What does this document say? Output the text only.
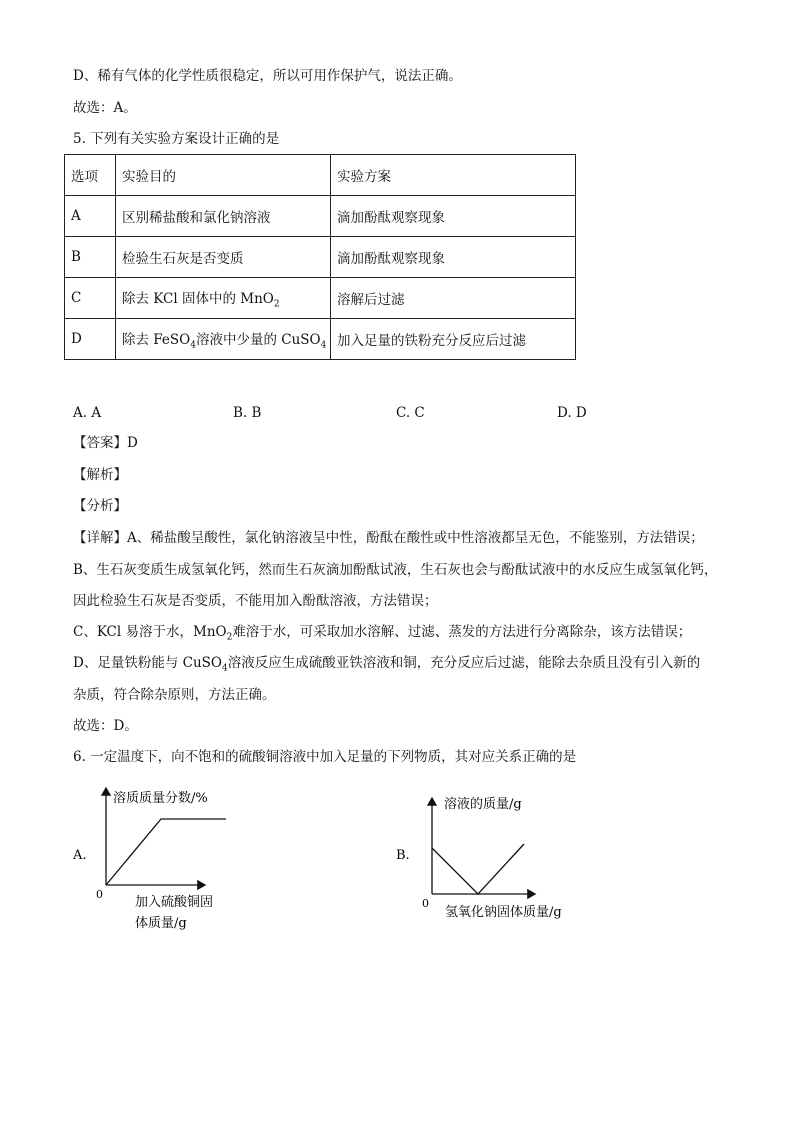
D、稀有气体的化学性质很稳定，所以可用作保护气，说法正确。
故选：A。
5. 下列有关实验方案设计正确的是
选项	实验目的	实验方案
A	区别稀盐酸和氯化钠溶液	滴加酚酞观察现象
B	检验生石灰是否变质	滴加酚酞观察现象
C	除去 KCl 固体中的 MnO$_2$	溶解后过滤
D	除去 FeSO$_4$溶液中少量的 CuSO$_4$	加入足量的铁粉充分反应后过滤
A. A	B. B	C. C	D. D
【答案】D
【解析】
【分析】
【详解】A、稀盐酸呈酸性，氯化钠溶液呈中性，酚酞在酸性或中性溶液都呈无色，不能鉴别，方法错误；
B、生石灰变质生成氢氧化钙，然而生石灰滴加酚酞试液，生石灰也会与酚酞试液中的水反应生成氢氧化钙，
因此检验生石灰是否变质，不能用加入酚酞溶液，方法错误；
C、KCl 易溶于水，MnO$_2$难溶于水，可采取加水溶解、过滤、蒸发的方法进行分离除杂，该方法错误；
D、足量铁粉能与 CuSO$_4$溶液反应生成硫酸亚铁溶液和铜，充分反应后过滤，能除去杂质且没有引入新的
杂质，符合除杂原则，方法正确。
故选：D。
6. 一定温度下，向不饱和的硫酸铜溶液中加入足量的下列物质，其对应关系正确的是
A.
溶质质量分数/%
0
加入硫酸铜固
体质量/g
B.
溶液的质量/g
0
氢氧化钠固体质量/g
